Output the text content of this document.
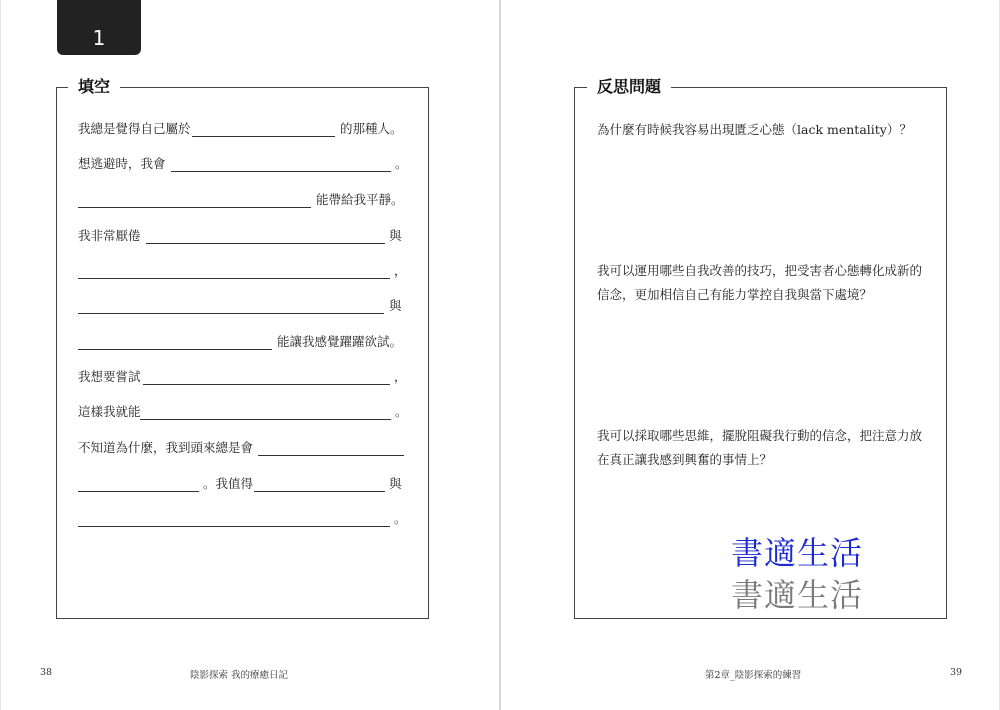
1
填空
我總是覺得自己屬於	的那種人。
想逃避時，我會	。
能帶給我平靜。
我非常厭倦	與
，
與
能讓我感覺躍躍欲試。
我想要嘗試	，
這樣我就能	。
不知道為什麼，我到頭來總是會
。我值得	與
。
反思問題
為什麼有時候我容易出現匱乏心態（lack mentality）？
我可以運用哪些自我改善的技巧，把受害者心態轉化成新的信念，更加相信自己有能力掌控自我與當下處境？
我可以採取哪些思維，擺脫阻礙我行動的信念，把注意力放在真正讓我感到興奮的事情上？
書適生活
書適生活
38	陰影探索 我的療癒日記	第2章_陰影探索的練習	39
